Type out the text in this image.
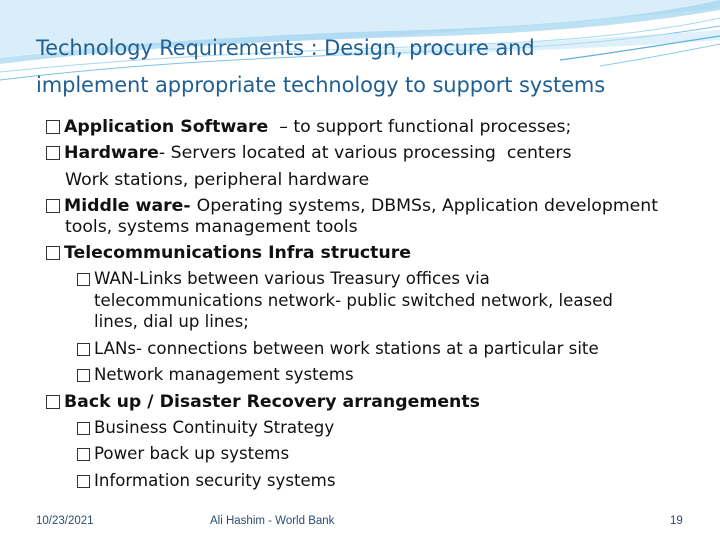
Technology Requirements : Design, procure and
implement appropriate technology to support systems
Application Software  – to support functional processes;
Hardware- Servers located at various processing  centers
Work stations, peripheral hardware
Middle ware- Operating systems, DBMSs, Application development
tools, systems management tools
Telecommunications Infra structure
WAN-Links between various Treasury offices via
telecommunications network- public switched network, leased
lines, dial up lines;
LANs- connections between work stations at a particular site
Network management systems
Back up / Disaster Recovery arrangements
Business Continuity Strategy
Power back up systems
Information security systems
10/23/2021	Ali Hashim - World Bank	19
